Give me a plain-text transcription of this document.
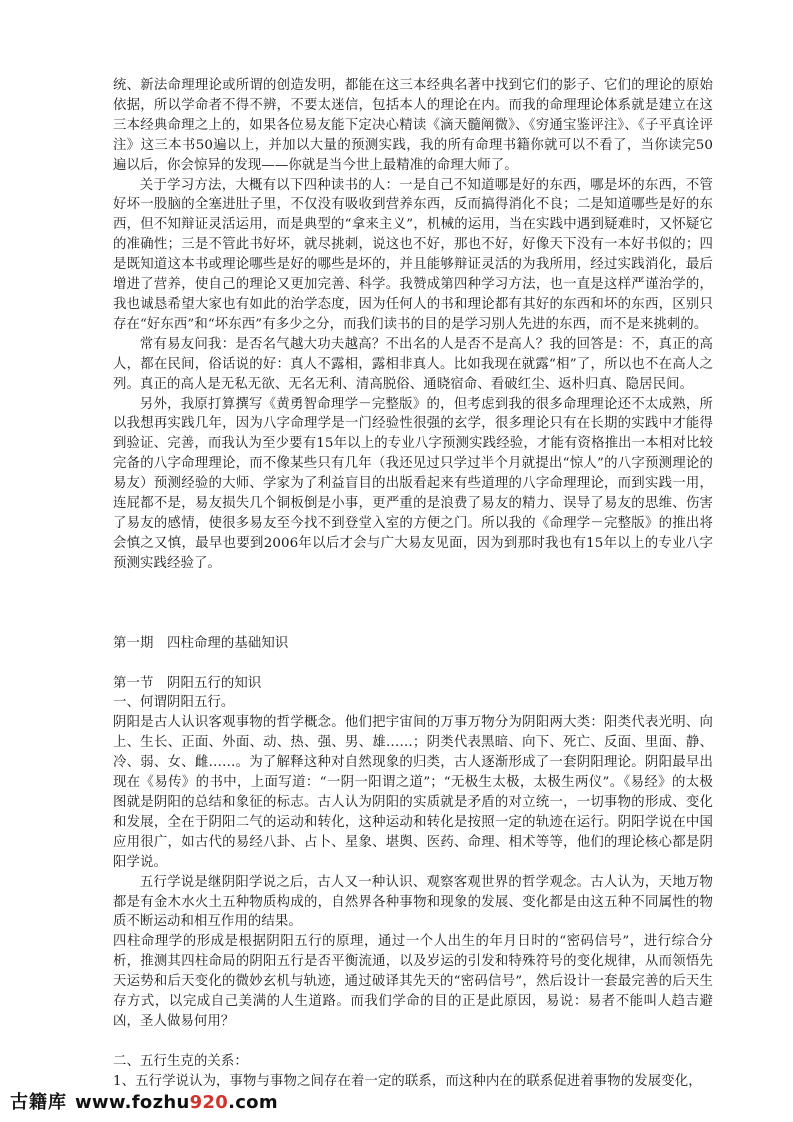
统、新法命理理论或所谓的创造发明，都能在这三本经典名著中找到它们的影子、它们的理论的原始依据，所以学命者不得不辨，不要太迷信，包括本人的理论在内。而我的命理理论体系就是建立在这三本经典命理之上的，如果各位易友能下定决心精读《滴天髓阐微》、《穷通宝鉴评注》、《子平真诠评注》这三本书50遍以上，并加以大量的预测实践，我的所有命理书籍你就可以不看了，当你读完50遍以后，你会惊异的发现——你就是当今世上最精准的命理大师了。

关于学习方法，大概有以下四种读书的人：一是自己不知道哪是好的东西，哪是坏的东西，不管好坏一股脑的全塞进肚子里，不仅没有吸收到营养东西，反而搞得消化不良；二是知道哪些是好的东西，但不知辩证灵活运用，而是典型的“拿来主义”，机械的运用，当在实践中遇到疑难时，又怀疑它的准确性；三是不管此书好坏，就尽挑刺，说这也不好，那也不好，好像天下没有一本好书似的；四是既知道这本书或理论哪些是好的哪些是坏的，并且能够辩证灵活的为我所用，经过实践消化，最后增进了营养，使自己的理论又更加完善、科学。我赞成第四种学习方法，也一直是这样严谨治学的，我也诚恳希望大家也有如此的治学态度，因为任何人的书和理论都有其好的东西和坏的东西，区别只存在“好东西”和“坏东西”有多少之分，而我们读书的目的是学习别人先进的东西，而不是来挑刺的。

常有易友问我：是否名气越大功夫越高？不出名的人是否不是高人？我的回答是：不，真正的高人，都在民间，俗话说的好：真人不露相，露相非真人。比如我现在就露“相”了，所以也不在高人之列。真正的高人是无私无欲、无名无利、清高脱俗、通晓宿命、看破红尘、返朴归真、隐居民间。

另外，我原打算撰写《黄勇智命理学－完整版》的，但考虑到我的很多命理理论还不太成熟，所以我想再实践几年，因为八字命理学是一门经验性很强的玄学，很多理论只有在长期的实践中才能得到验证、完善，而我认为至少要有15年以上的专业八字预测实践经验，才能有资格推出一本相对比较完备的八字命理理论，而不像某些只有几年（我还见过只学过半个月就提出“惊人”的八字预测理论的易友）预测经验的大师、学家为了利益盲目的出版看起来有些道理的八字命理理论，而到实践一用，连屁都不是，易友损失几个铜板倒是小事，更严重的是浪费了易友的精力、误导了易友的思维、伤害了易友的感情，使很多易友至今找不到登堂入室的方便之门。所以我的《命理学－完整版》的推出将会慎之又慎，最早也要到2006年以后才会与广大易友见面，因为到那时我也有15年以上的专业八字预测实践经验了。

第一期　四柱命理的基础知识

第一节　阴阳五行的知识

一、何谓阴阳五行。

阴阳是古人认识客观事物的哲学概念。他们把宇宙间的万事万物分为阴阳两大类：阳类代表光明、向上、生长、正面、外面、动、热、强、男、雄……；阴类代表黑暗、向下、死亡、反面、里面、静、冷、弱、女、雌……。为了解释这种对自然现象的归类，古人逐渐形成了一套阴阳理论。阴阳最早出现在《易传》的书中，上面写道：“一阴一阳谓之道”；“无极生太极，太极生两仪”。《易经》的太极图就是阴阳的总结和象征的标志。古人认为阴阳的实质就是矛盾的对立统一，一切事物的形成、变化和发展，全在于阴阳二气的运动和转化，这种运动和转化是按照一定的轨迹在运行。阴阳学说在中国应用很广，如古代的易经八卦、占卜、星象、堪舆、医药、命理、相术等等，他们的理论核心都是阴阳学说。

五行学说是继阴阳学说之后，古人又一种认识、观察客观世界的哲学观念。古人认为，天地万物都是有金木水火土五种物质构成的，自然界各种事物和现象的发展、变化都是由这五种不同属性的物质不断运动和相互作用的结果。

四柱命理学的形成是根据阴阳五行的原理，通过一个人出生的年月日时的“密码信号”，进行综合分析，推测其四柱命局的阴阳五行是否平衡流通，以及岁运的引发和特殊符号的变化规律，从而领悟先天运势和后天变化的微妙玄机与轨迹，通过破译其先天的“密码信号”，然后设计一套最完善的后天生存方式，以完成自己美满的人生道路。而我们学命的目的正是此原因，易说：易者不能叫人趋吉避凶，圣人做易何用？

二、五行生克的关系：

1、五行学说认为，事物与事物之间存在着一定的联系，而这种内在的联系促进着事物的发展变化，

古籍库 www.fozhu920.com
